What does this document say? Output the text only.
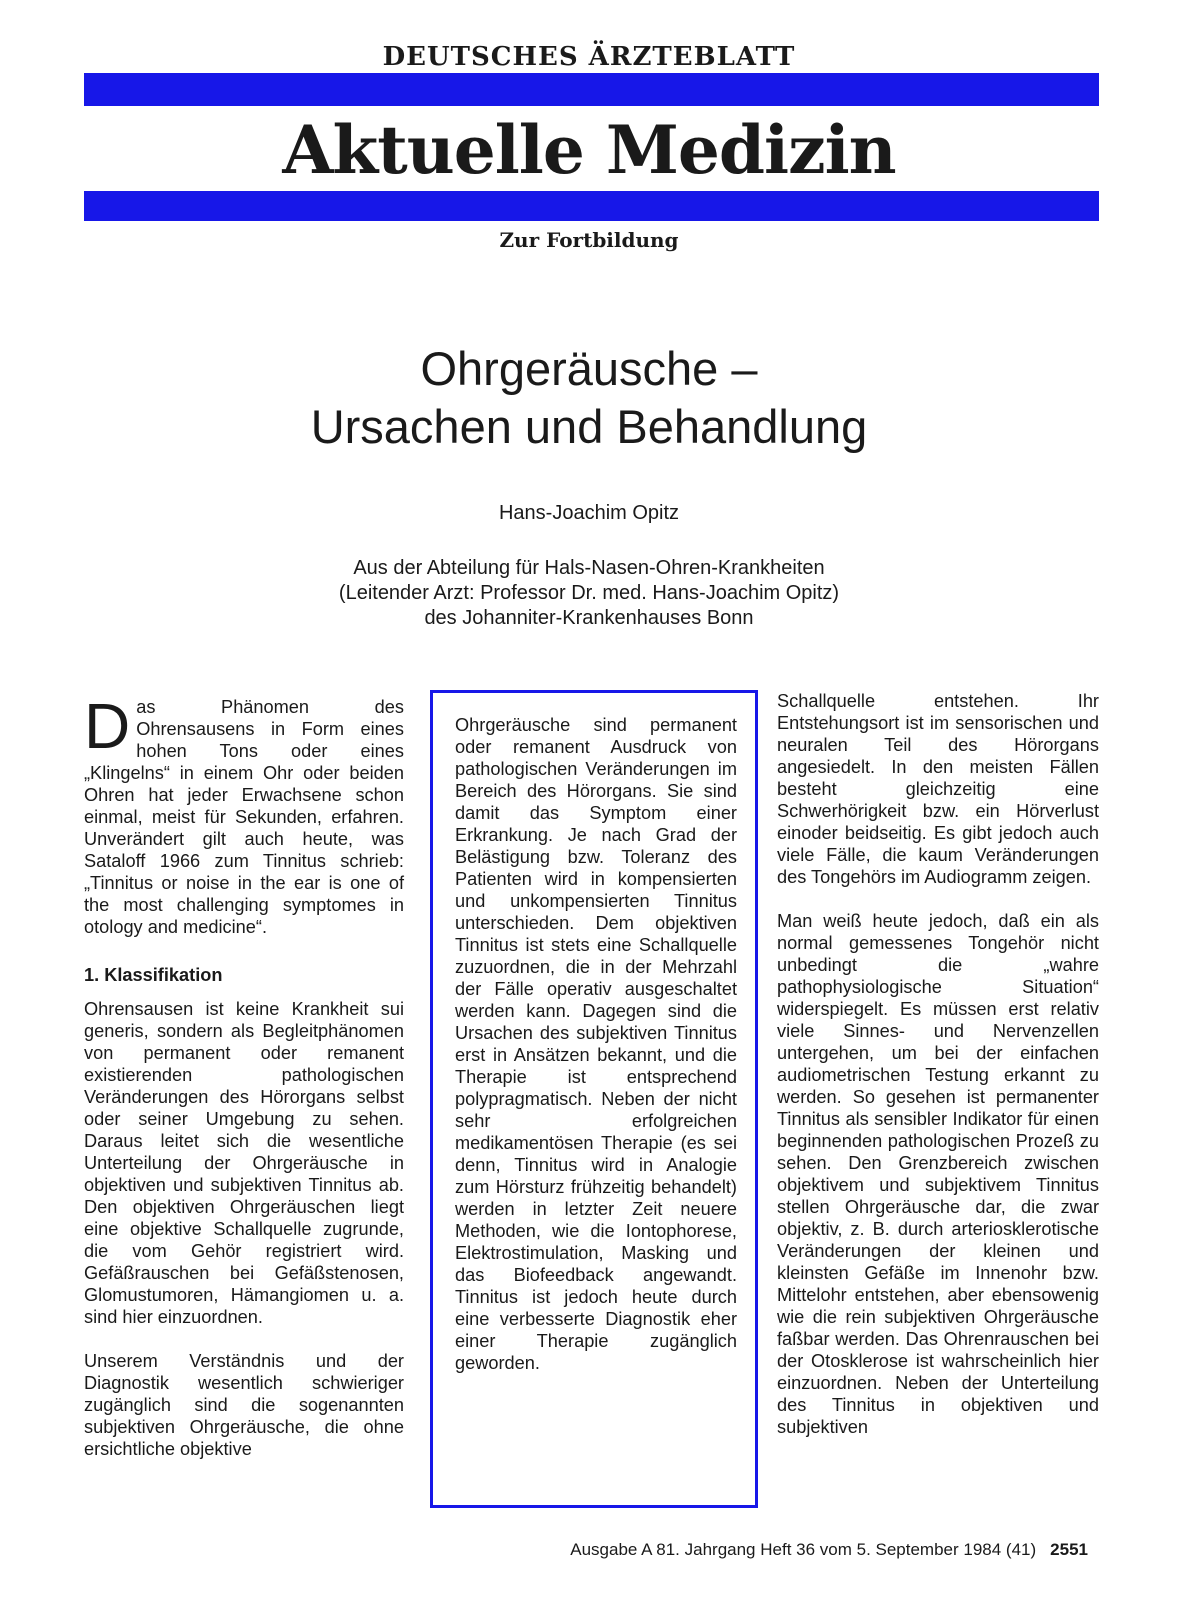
DEUTSCHES ÄRZTEBLATT
Aktuelle Medizin
Zur Fortbildung
Ohrgeräusche –
Ursachen und Behandlung
Hans-Joachim Opitz
Aus der Abteilung für Hals-Nasen-Ohren-Krankheiten
(Leitender Arzt: Professor Dr. med. Hans-Joachim Opitz)
des Johanniter-Krankenhauses Bonn

Das Phänomen des Ohrensausens in Form eines hohen Tons oder eines „Klingelns“ in einem Ohr oder beiden Ohren hat jeder Erwachsene schon einmal, meist für Sekunden, erfahren. Unverändert gilt auch heute, was Sataloff 1966 zum Tinnitus schrieb: „Tinnitus or noise in the ear is one of the most challenging symptomes in otology and medicine“.

1. Klassifikation

Ohrensausen ist keine Krankheit sui generis, sondern als Begleitphänomen von permanent oder remanent existierenden pathologischen Veränderungen des Hörorgans selbst oder seiner Umgebung zu sehen. Daraus leitet sich die wesentliche Unterteilung der Ohrgeräusche in objektiven und subjektiven Tinnitus ab. Den objektiven Ohrgeräuschen liegt eine objektive Schallquelle zugrunde, die vom Gehör registriert wird. Gefäßrauschen bei Gefäßstenosen, Glomustumoren, Hämangiomen u. a. sind hier einzuordnen.

Unserem Verständnis und der Diagnostik wesentlich schwieriger zugänglich sind die sogenannten subjektiven Ohrgeräusche, die ohne ersichtliche objektive

Ohrgeräusche sind permanent oder remanent Ausdruck von pathologischen Veränderungen im Bereich des Hörorgans. Sie sind damit das Symptom einer Erkrankung. Je nach Grad der Belästigung bzw. Toleranz des Patienten wird in kompensierten und unkompensierten Tinnitus unterschieden. Dem objektiven Tinnitus ist stets eine Schallquelle zuzuordnen, die in der Mehrzahl der Fälle operativ ausgeschaltet werden kann. Dagegen sind die Ursachen des subjektiven Tinnitus erst in Ansätzen bekannt, und die Therapie ist entsprechend polypragmatisch. Neben der nicht sehr erfolgreichen medikamentösen Therapie (es sei denn, Tinnitus wird in Analogie zum Hörsturz frühzeitig behandelt) werden in letzter Zeit neuere Methoden, wie die Iontophorese, Elektrostimulation, Masking und das Biofeedback angewandt. Tinnitus ist jedoch heute durch eine verbesserte Diagnostik eher einer Therapie zugänglich geworden.

Schallquelle entstehen. Ihr Entstehungsort ist im sensorischen und neuralen Teil des Hörorgans angesiedelt. In den meisten Fällen besteht gleichzeitig eine Schwerhörigkeit bzw. ein Hörverlust einoder beidseitig. Es gibt jedoch auch viele Fälle, die kaum Veränderungen des Tongehörs im Audiogramm zeigen.

Man weiß heute jedoch, daß ein als normal gemessenes Tongehör nicht unbedingt die „wahre pathophysiologische Situation“ widerspiegelt. Es müssen erst relativ viele Sinnes- und Nervenzellen untergehen, um bei der einfachen audiometrischen Testung erkannt zu werden. So gesehen ist permanenter Tinnitus als sensibler Indikator für einen beginnenden pathologischen Prozeß zu sehen. Den Grenzbereich zwischen objektivem und subjektivem Tinnitus stellen Ohrgeräusche dar, die zwar objektiv, z. B. durch arteriosklerotische Veränderungen der kleinen und kleinsten Gefäße im Innenohr bzw. Mittelohr entstehen, aber ebensowenig wie die rein subjektiven Ohrgeräusche faßbar werden. Das Ohrenrauschen bei der Otosklerose ist wahrscheinlich hier einzuordnen. Neben der Unterteilung des Tinnitus in objektiven und subjektiven

Ausgabe A 81. Jahrgang Heft 36 vom 5. September 1984 (41) 2551
